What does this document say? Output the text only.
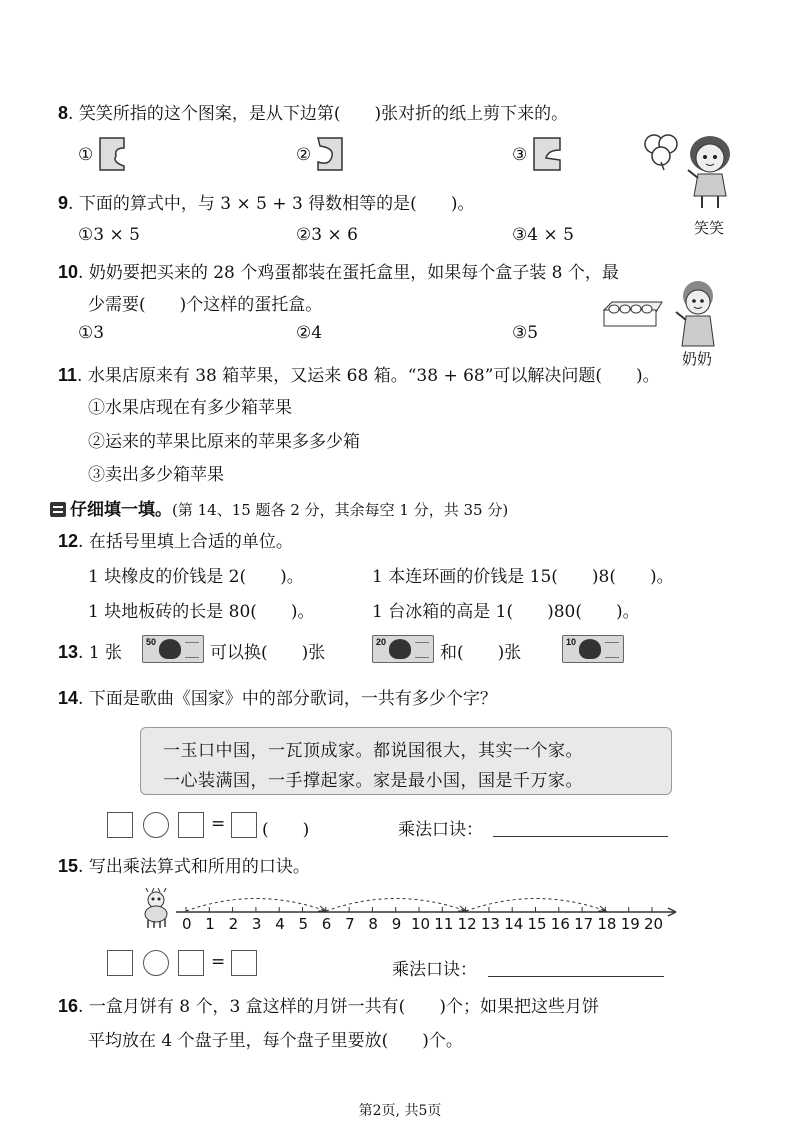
8. 笑笑所指的这个图案，是从下边第(　　)张对折的纸上剪下来的。
①	②	③
笑笑
9. 下面的算式中，与 3 × 5 + 3 得数相等的是(　　)。
①3 × 5	②3 × 6	③4 × 5
10. 奶奶要把买来的 28 个鸡蛋都装在蛋托盒里，如果每个盒子装 8 个，最
少需要(　　)个这样的蛋托盒。
①3	②4	③5
奶奶
11. 水果店原来有 38 箱苹果，又运来 68 箱。“38 + 68”可以解决问题(　　)。
①水果店现在有多少箱苹果
②运来的苹果比原来的苹果多多少箱
③卖出多少箱苹果
仔细填一填。(第 14、15 题各 2 分，其余每空 1 分，共 35 分)
12. 在括号里填上合适的单位。
1 块橡皮的价钱是 2(　　)。	1 本连环画的价钱是 15(　　)8(　　)。
1 块地板砖的长是 80(　　)。	1 台冰箱的高是 1(　　)80(　　)。
13. 1 张
50
可以换(　　)张
20
和(　　)张
10
14. 下面是歌曲《国家》中的部分歌词，一共有多少个字？
一玉口中国，一瓦顶成家。都说国很大，其实一个家。
一心装满国，一手撑起家。家是最小国，国是千万家。
= (　　)	乘法口诀：
15. 写出乘法算式和所用的口诀。
0 1 2 3 4 5 6 7 8 9 10 11 12 13 14 15 16 17 18 19 20
=	乘法口诀：
16. 一盒月饼有 8 个，3 盒这样的月饼一共有(　　)个；如果把这些月饼
平均放在 4 个盘子里，每个盘子里要放(　　)个。
第2页, 共5页
